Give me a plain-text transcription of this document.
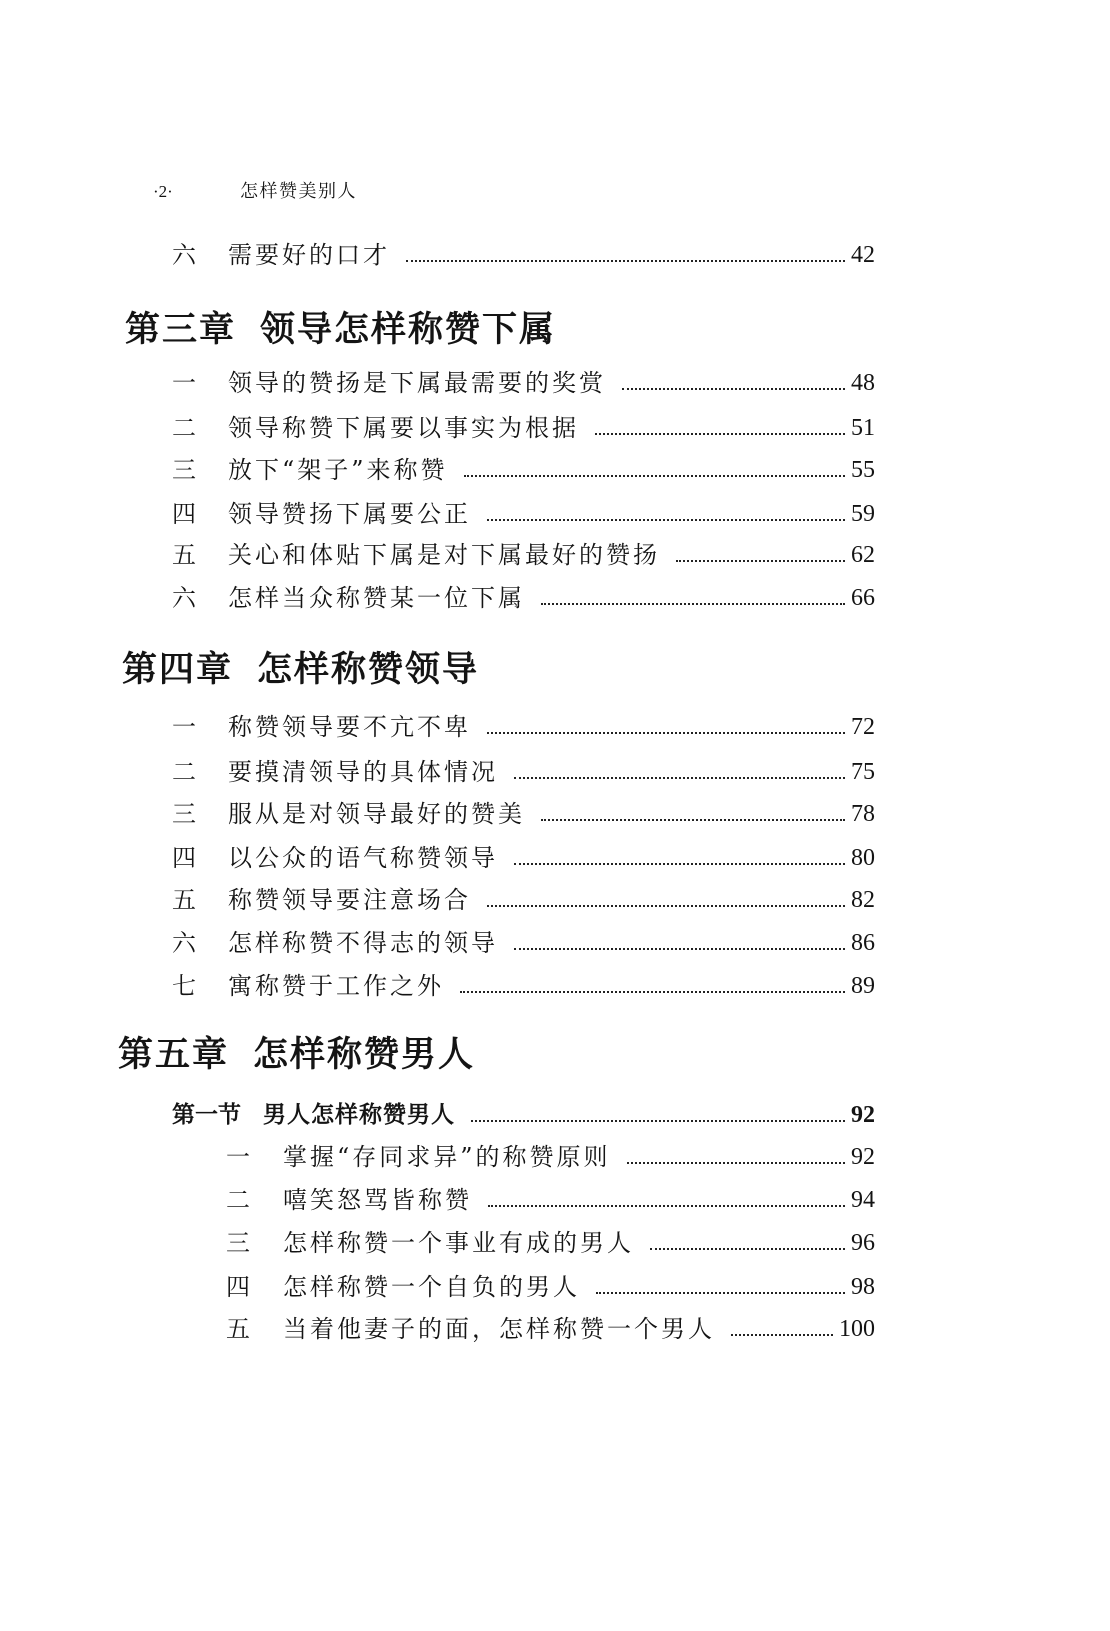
·2·	怎样赞美别人
六	需要好的口才	42
第三章 领导怎样称赞下属
一	领导的赞扬是下属最需要的奖赏	48
二	领导称赞下属要以事实为根据	51
三	放下“架子”来称赞	55
四	领导赞扬下属要公正	59
五	关心和体贴下属是对下属最好的赞扬	62
六	怎样当众称赞某一位下属	66
第四章 怎样称赞领导
一	称赞领导要不亢不卑	72
二	要摸清领导的具体情况	75
三	服从是对领导最好的赞美	78
四	以公众的语气称赞领导	80
五	称赞领导要注意场合	82
六	怎样称赞不得志的领导	86
七	寓称赞于工作之外	89
第五章 怎样称赞男人
第一节 男人怎样称赞男人	92
一	掌握“存同求异”的称赞原则	92
二	嘻笑怒骂皆称赞	94
三	怎样称赞一个事业有成的男人	96
四	怎样称赞一个自负的男人	98
五	当着他妻子的面，怎样称赞一个男人	100
